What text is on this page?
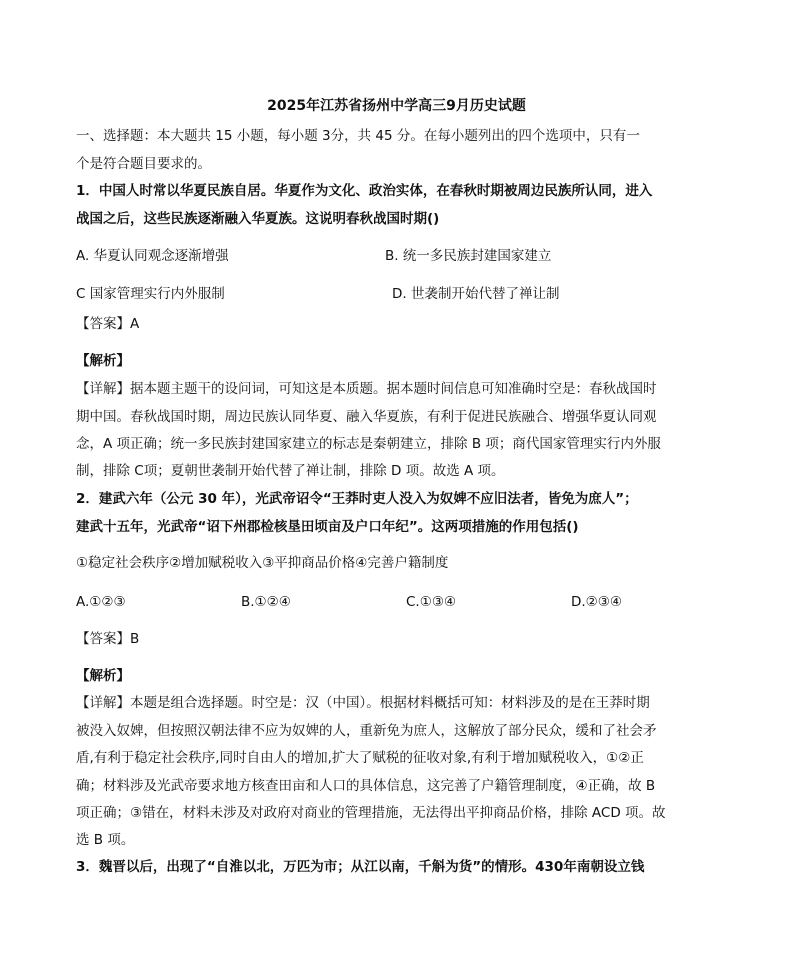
2025年江苏省扬州中学高三9月历史试题
一、选择题：本大题共 15 小题，每小题 3分，共 45 分。在每小题列出的四个选项中，只有一
个是符合题目要求的。
1．中国人时常以华夏民族自居。华夏作为文化、政治实体，在春秋时期被周边民族所认同，进入
战国之后，这些民族逐渐融入华夏族。这说明春秋战国时期()
A. 华夏认同观念逐渐增强	B. 统一多民族封建国家建立
C 国家管理实行内外服制	D. 世袭制开始代替了禅让制
【答案】A
【解析】
【详解】据本题主题干的设问词，可知这是本质题。据本题时间信息可知准确时空是：春秋战国时
期中国。春秋战国时期，周边民族认同华夏、融入华夏族，有利于促进民族融合、增强华夏认同观
念，A 项正确；统一多民族封建国家建立的标志是秦朝建立，排除 B 项；商代国家管理实行内外服
制，排除 C项；夏朝世袭制开始代替了禅让制，排除 D 项。故选 A 项。
2．建武六年（公元 30 年），光武帝诏令“王莽时吏人没入为奴婢不应旧法者，皆免为庶人”；
建武十五年，光武帝“诏下州郡检核垦田顷亩及户口年纪”。这两项措施的作用包括()
①稳定社会秩序②增加赋税收入③平抑商品价格④完善户籍制度
A.①②③	B.①②④	C.①③④	D.②③④
【答案】B
【解析】
【详解】本题是组合选择题。时空是：汉（中国）。根据材料概括可知：材料涉及的是在王莽时期
被没入奴婢，但按照汉朝法律不应为奴婢的人，重新免为庶人，这解放了部分民众，缓和了社会矛
盾,有利于稳定社会秩序,同时自由人的增加,扩大了赋税的征收对象,有利于增加赋税收入，①②正
确；材料涉及光武帝要求地方核查田亩和人口的具体信息，这完善了户籍管理制度，④正确，故 B
项正确；③错在，材料未涉及对政府对商业的管理措施，无法得出平抑商品价格，排除 ACD 项。故
选 B 项。
3．魏晋以后，出现了“自淮以北，万匹为市；从江以南，千斛为货”的情形。430年南朝设立钱
